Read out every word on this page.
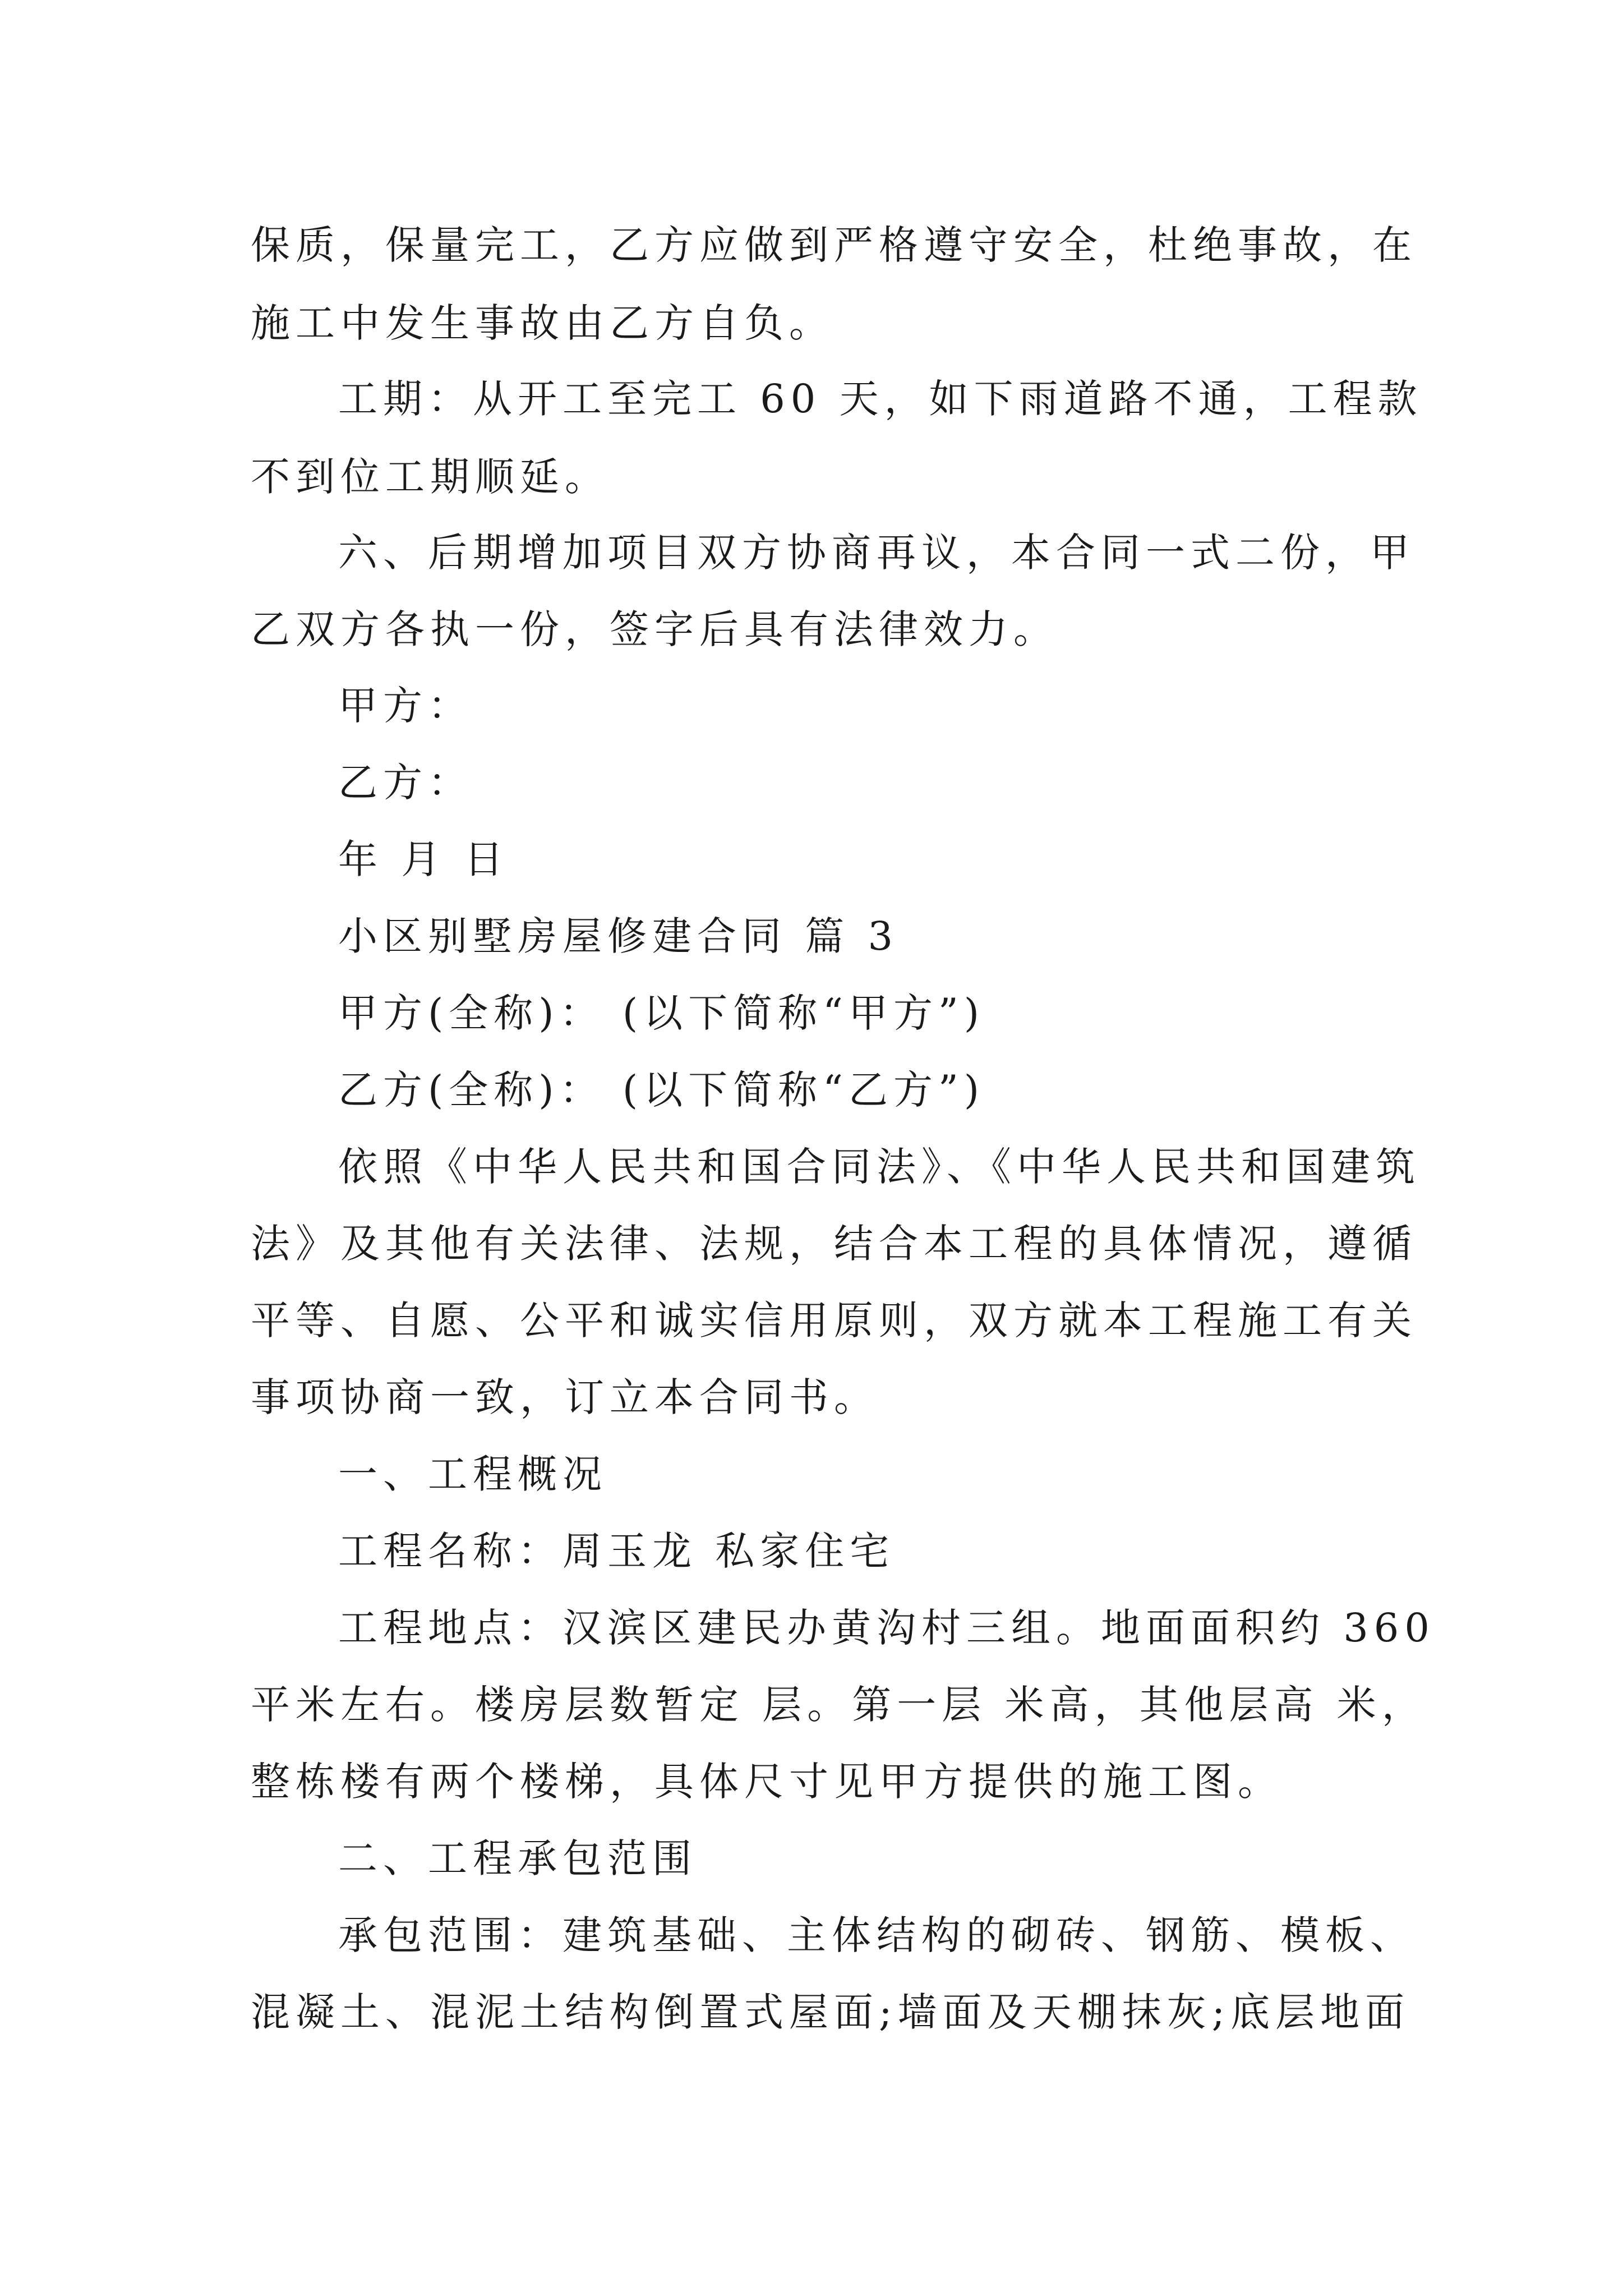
保质，保量完工，乙方应做到严格遵守安全，杜绝事故，在
施工中发生事故由乙方自负。
工期：从开工至完工 60 天，如下雨道路不通，工程款
不到位工期顺延。
六、后期增加项目双方协商再议，本合同一式二份，甲
乙双方各执一份，签字后具有法律效力。
甲方：
乙方：
年 月 日
小区别墅房屋修建合同 篇 3
甲方(全称)： (以下简称“甲方”)
乙方(全称)： (以下简称“乙方”)
依照《中华人民共和国合同法》、《中华人民共和国建筑
法》及其他有关法律、法规，结合本工程的具体情况，遵循
平等、自愿、公平和诚实信用原则，双方就本工程施工有关
事项协商一致，订立本合同书。
一、工程概况
工程名称：周玉龙 私家住宅
工程地点：汉滨区建民办黄沟村三组。地面面积约 360
平米左右。楼房层数暂定 层。第一层 米高，其他层高 米，
整栋楼有两个楼梯，具体尺寸见甲方提供的施工图。
二、工程承包范围
承包范围：建筑基础、主体结构的砌砖、钢筋、模板、
混凝土、混泥土结构倒置式屋面;墙面及天棚抹灰;底层地面
